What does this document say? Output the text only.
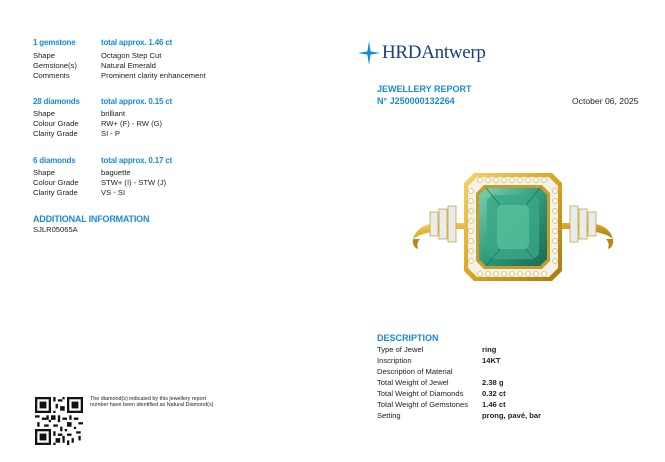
1 gemstone	total approx. 1.46 ct
Shape	Octagon Step Cut
Gemstone(s)	Natural Emerald
Comments	Prominent clarity enhancement
28 diamonds	total approx. 0.15 ct
Shape	brilliant
Colour Grade	RW+ (F) - RW (G)
Clarity Grade	SI - P
6 diamonds	total approx. 0.17 ct
Shape	baguette
Colour Grade	STW+ (I) - STW (J)
Clarity Grade	VS - SI
ADDITIONAL INFORMATION
SJLR05065A
The diamond(s) indicated by this jewellery report number have been identified as Natural Diamond(s)
HRD Antwerp
JEWELLERY REPORT
N° J250000132264	October 06, 2025
DESCRIPTION
Type of Jewel	ring
Inscription	14KT
Description of Material
Total Weight of Jewel	2.38 g
Total Weight of Diamonds 0.32 ct
Total Weight of Gemstones 1.46 ct
Setting	prong, pavé, bar
